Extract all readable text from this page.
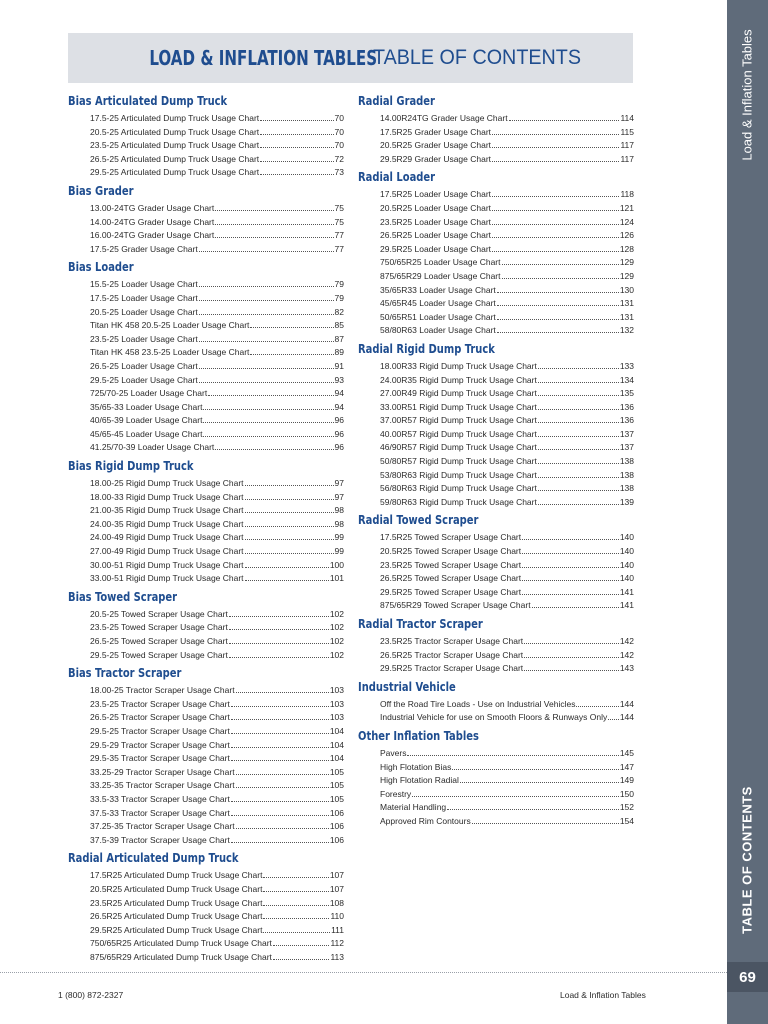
LOAD & INFLATION TABLES
TABLE OF CONTENTS
Bias Articulated Dump Truck
17.5-25 Articulated Dump Truck Usage Chart	70
20.5-25 Articulated Dump Truck Usage Chart	70
23.5-25 Articulated Dump Truck Usage Chart	70
26.5-25 Articulated Dump Truck Usage Chart	72
29.5-25 Articulated Dump Truck Usage Chart	73
Bias Grader
13.00-24TG Grader Usage Chart	75
14.00-24TG Grader Usage Chart	75
16.00-24TG Grader Usage Chart	77
17.5-25 Grader Usage Chart	77
Bias Loader
15.5-25 Loader Usage Chart	79
17.5-25 Loader Usage Chart	79
20.5-25 Loader Usage Chart	82
Titan HK 458 20.5-25 Loader Usage Chart	85
23.5-25 Loader Usage Chart	87
Titan HK 458 23.5-25 Loader Usage Chart	89
26.5-25 Loader Usage Chart	91
29.5-25 Loader Usage Chart	93
725/70-25 Loader Usage Chart	94
35/65-33 Loader Usage Chart	94
40/65-39 Loader Usage Chart	96
45/65-45 Loader Usage Chart	96
41.25/70-39 Loader Usage Chart	96
Bias Rigid Dump Truck
18.00-25 Rigid Dump Truck Usage Chart	97
18.00-33 Rigid Dump Truck Usage Chart	97
21.00-35 Rigid Dump Truck Usage Chart	98
24.00-35 Rigid Dump Truck Usage Chart	98
24.00-49 Rigid Dump Truck Usage Chart	99
27.00-49 Rigid Dump Truck Usage Chart	99
30.00-51 Rigid Dump Truck Usage Chart	100
33.00-51 Rigid Dump Truck Usage Chart	101
Bias Towed Scraper
20.5-25 Towed Scraper Usage Chart	102
23.5-25 Towed Scraper Usage Chart	102
26.5-25 Towed Scraper Usage Chart	102
29.5-25 Towed Scraper Usage Chart	102
Bias Tractor Scraper
18.00-25 Tractor Scraper Usage Chart	103
23.5-25 Tractor Scraper Usage Chart	103
26.5-25 Tractor Scraper Usage Chart	103
29.5-25 Tractor Scraper Usage Chart	104
29.5-29 Tractor Scraper Usage Chart	104
29.5-35 Tractor Scraper Usage Chart	104
33.25-29 Tractor Scraper Usage Chart	105
33.25-35 Tractor Scraper Usage Chart	105
33.5-33 Tractor Scraper Usage Chart	105
37.5-33 Tractor Scraper Usage Chart	106
37.25-35 Tractor Scraper Usage Chart	106
37.5-39 Tractor Scraper Usage Chart	106
Radial Articulated Dump Truck
17.5R25 Articulated Dump Truck Usage Chart	107
20.5R25 Articulated Dump Truck Usage Chart	107
23.5R25 Articulated Dump Truck Usage Chart	108
26.5R25 Articulated Dump Truck Usage Chart	110
29.5R25 Articulated Dump Truck Usage Chart	111
750/65R25 Articulated Dump Truck Usage Chart	112
875/65R29 Articulated Dump Truck Usage Chart	113
Radial Grader
14.00R24TG Grader Usage Chart	114
17.5R25 Grader Usage Chart	115
20.5R25 Grader Usage Chart	117
29.5R29 Grader Usage Chart	117
Radial Loader
17.5R25 Loader Usage Chart	118
20.5R25 Loader Usage Chart	121
23.5R25 Loader Usage Chart	124
26.5R25 Loader Usage Chart	126
29.5R25 Loader Usage Chart	128
750/65R25 Loader Usage Chart	129
875/65R29 Loader Usage Chart	129
35/65R33 Loader Usage Chart	130
45/65R45 Loader Usage Chart	131
50/65R51 Loader Usage Chart	131
58/80R63 Loader Usage Chart	132
Radial Rigid Dump Truck
18.00R33 Rigid Dump Truck Usage Chart	133
24.00R35 Rigid Dump Truck Usage Chart	134
27.00R49 Rigid Dump Truck Usage Chart	135
33.00R51 Rigid Dump Truck Usage Chart	136
37.00R57 Rigid Dump Truck Usage Chart	136
40.00R57 Rigid Dump Truck Usage Chart	137
46/90R57 Rigid Dump Truck Usage Chart	137
50/80R57 Rigid Dump Truck Usage Chart	138
53/80R63 Rigid Dump Truck Usage Chart	138
56/80R63 Rigid Dump Truck Usage Chart	138
59/80R63 Rigid Dump Truck Usage Chart	139
Radial Towed Scraper
17.5R25 Towed Scraper Usage Chart	140
20.5R25 Towed Scraper Usage Chart	140
23.5R25 Towed Scraper Usage Chart	140
26.5R25 Towed Scraper Usage Chart	140
29.5R25 Towed Scraper Usage Chart	141
875/65R29 Towed Scraper Usage Chart	141
Radial Tractor Scraper
23.5R25 Tractor Scraper Usage Chart	142
26.5R25 Tractor Scraper Usage Chart	142
29.5R25 Tractor Scraper Usage Chart	143
Industrial Vehicle
Off the Road Tire Loads - Use on Industrial Vehicles	144
Industrial Vehicle for use on Smooth Floors & Runways Only 144
Other Inflation Tables
Pavers	145
High Flotation Bias	147
High Flotation Radial	149
Forestry	150
Material Handling	152
Approved Rim Contours	154
Load & Inflation Tables
TABLE OF CONTENTS
69
1 (800) 872-2327	Load & Inflation Tables
